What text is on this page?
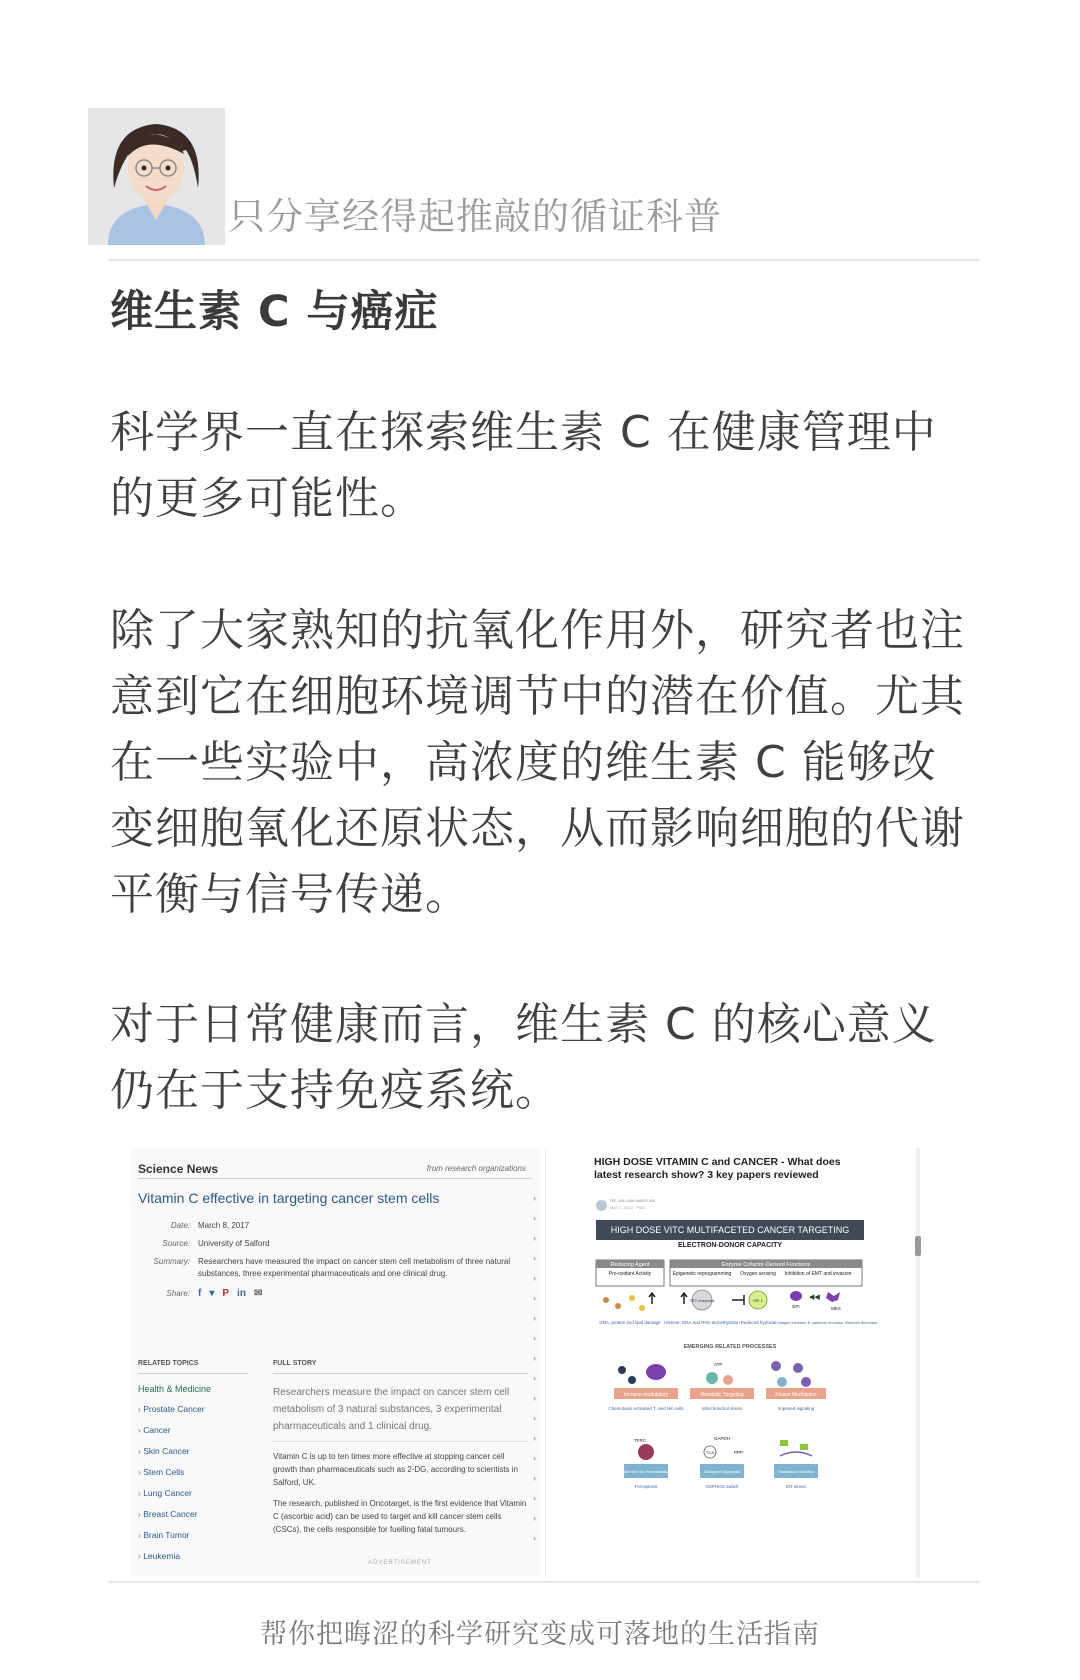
只分享经得起推敲的循证科普
维生素 C 与癌症

科学界一直在探索维生素 C 在健康管理中的更多可能性。

除了大家熟知的抗氧化作用外，研究者也注意到它在细胞环境调节中的潜在价值。尤其在一些实验中，高浓度的维生素 C 能够改变细胞氧化还原状态，从而影响细胞的代谢平衡与信号传递。

对于日常健康而言，维生素 C 的核心意义仍在于支持免疫系统。

Science News	from research organizations
Vitamin C effective in targeting cancer stem cells
Date:	March 8, 2017
Source:	University of Salford
Summary:	Researchers have measured the impact on cancer stem cell metabolism of three natural substances, three experimental pharmaceuticals and one clinical drug.
Share: f ▾ P in ✉
RELATED TOPICS
Health & Medicine
› Prostate Cancer
› Cancer
› Skin Cancer
› Stem Cells
› Lung Cancer
› Breast Cancer
› Brain Tumor
› Leukemia
FULL STORY
Researchers measure the impact on cancer stem cell metabolism of 3 natural substances, 3 experimental pharmaceuticals and 1 clinical drug.
Vitamin C is up to ten times more effective at stopping cancer cell growth than pharmaceuticals such as 2-DG, according to scientists in Salford, UK.
The research, published in Oncotarget, is the first evidence that Vitamin C (ascorbic acid) can be used to target and kill cancer stem cells (CSCs), the cells responsible for fuelling fatal tumours.
ADVERTISEMENT
›
›
›
›
›
›
›
›
›
›
›
›
›
›
›
›
›
›
HIGH DOSE VITAMIN C and CANCER - What does latest research show? 3 key papers reviewed
DR. WILLIAM MAKIS MD
MAY 5, 2023 · PAID
HIGH DOSE VITC MULTIFACETED CANCER TARGETING
ELECTRON-DONOR CAPACITY
Reducing Agent
Pro-oxidant Activity
Enzyme Cofactor-Derived Functions
Epigenetic reprogramming Oxygen sensing Inhibition of EMT and invasion
TET enzymes	HIF-1
EPI
◀◀
MES
DNA, protein and lipid damage Histone, DNA and RNA demethylation Reduced hypoxia Collagen increase E-cadherin increase Vimentin decrease
EMERGING RELATED PROCESSES
ATP
Immuno-modulatory	Metabolic Targeting	Kinase Modulation
Chemotaxis Activated T- and NK-cells	Mitochondrial stress	Impaired signaling
TFRC	GAPDH
TCA	PPP
Altered Iron Homeostasis	Disrupted Glycolysis	Translation Inhibition
Ferroptosis	OXPHOS switch	ER stress
帮你把晦涩的科学研究变成可落地的生活指南
